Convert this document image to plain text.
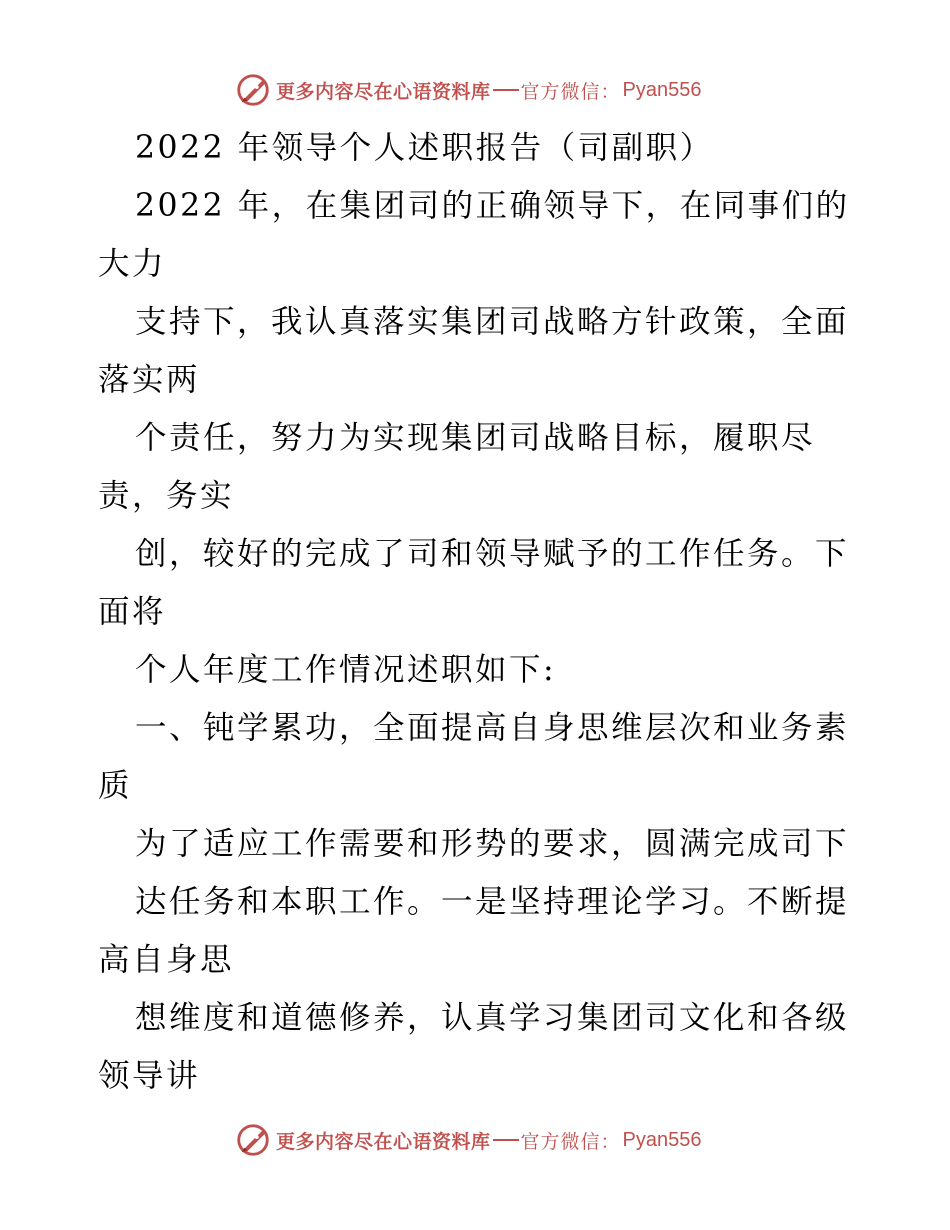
更多内容尽在心语资料库 官方微信： Pyan556
2022 年领导个人述职报告（司副职）
2022 年，在集团司的正确领导下，在同事们的
大力
支持下，我认真落实集团司战略方针政策，全面
落实两
个责任，努力为实现集团司战略目标，履职尽
责，务实
创，较好的完成了司和领导赋予的工作任务。下
面将
个人年度工作情况述职如下:
一、钝学累功，全面提高自身思维层次和业务素
质
为了适应工作需要和形势的要求，圆满完成司下
达任务和本职工作。一是坚持理论学习。不断提
高自身思
想维度和道德修养，认真学习集团司文化和各级
领导讲
更多内容尽在心语资料库 官方微信： Pyan556
